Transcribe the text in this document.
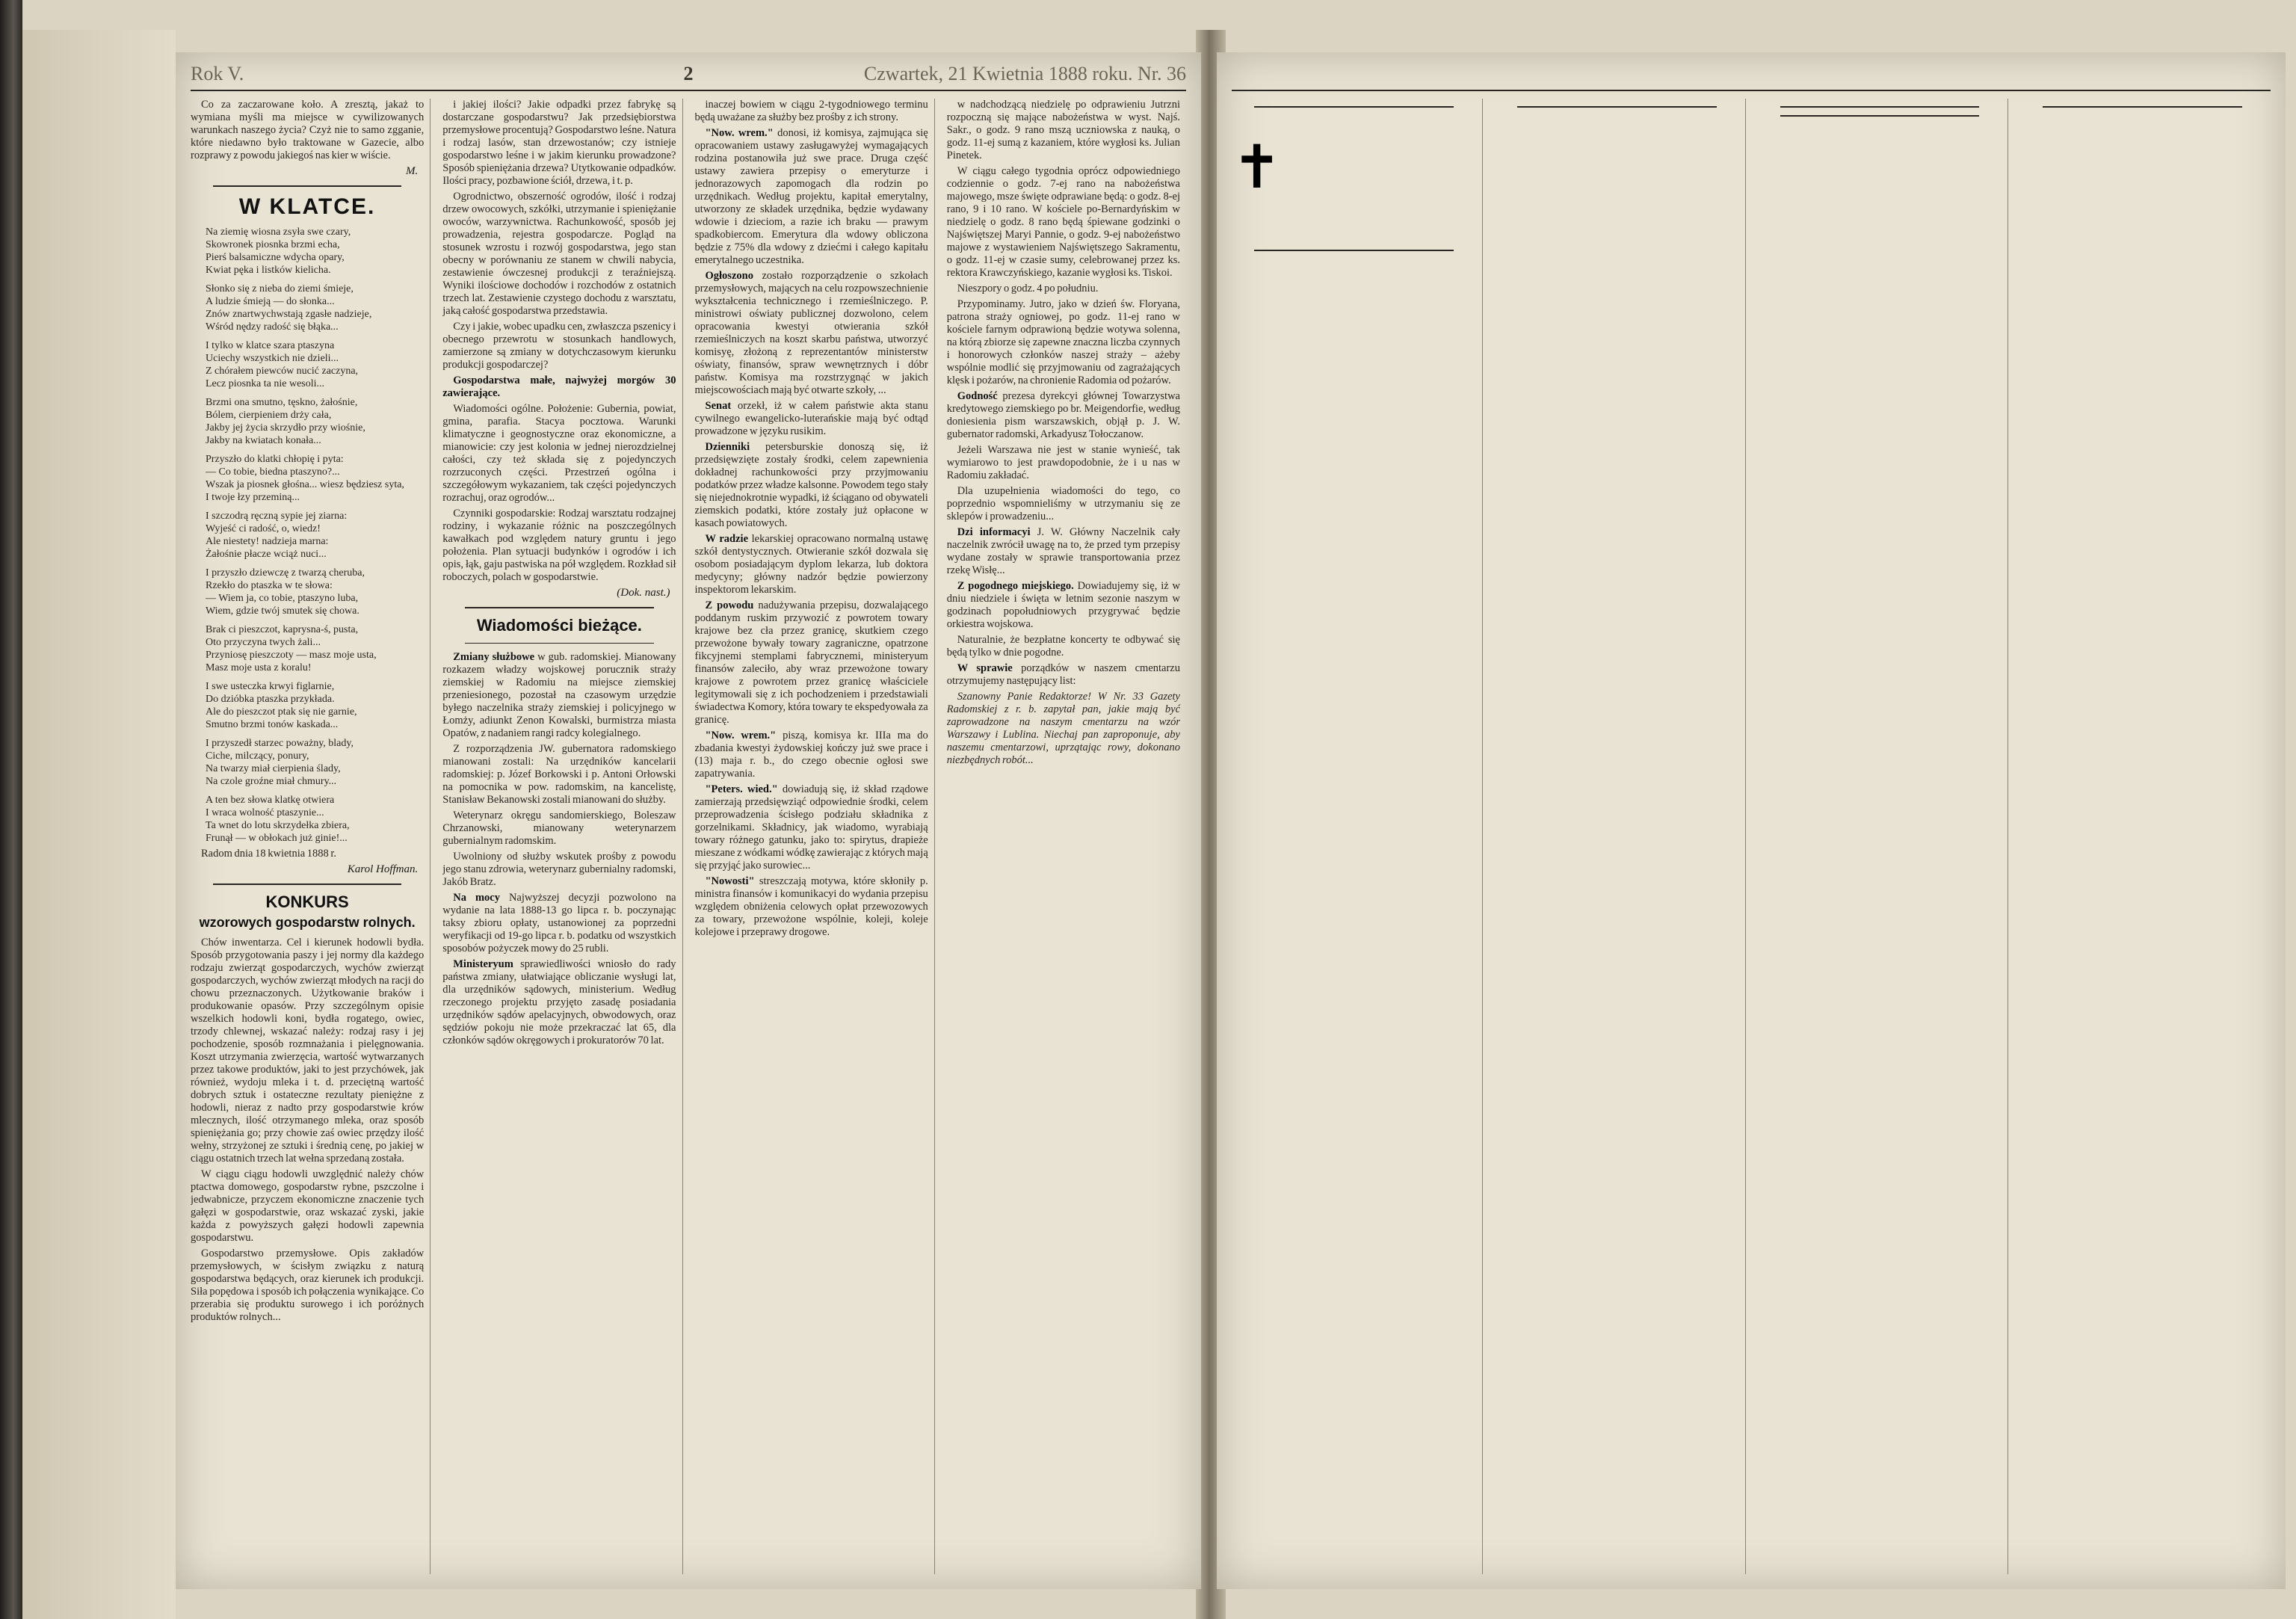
Rok V.	2	Czwartek, 21 Kwietnia 1888 roku. Nr. 36

Co za zaczarowane koło. A zresztą, jakaż to wymiana myśli ma miejsce w cywilizowanych warunkach naszego życia? Czyż nie to samo zgganie, które niedawno było traktowane w Gazecie, albo rozprawy z powodu jakiegoś nas kier w wiście.

M.
W KLATCE.
Na ziemię wiosna zsyła swe czary,
Skowronek piosnka brzmi echa,
Pierś balsamiczne wdycha opary,
Kwiat pęka i listków kielicha.
Słonko się z nieba do ziemi śmieje,
A ludzie śmieją — do słonka...
Znów znartwychwstają zgasłe nadzieje,
Wśród nędzy radość się błąka...
I tylko w klatce szara ptaszyna
Uciechy wszystkich nie dzieli...
Z chórałem piewców nucić zaczyna,
Lecz piosnka ta nie wesoli...
Brzmi ona smutno, tęskno, żałośnie,
Bólem, cierpieniem drży cała,
Jakby jej życia skrzydło przy wiośnie,
Jakby na kwiatach konała...
Przyszło do klatki chłopię i pyta:
— Co tobie, biedna ptaszyno?...
Wszak ja piosnek głośna... wiesz będziesz syta,
I twoje łzy przeminą...
I szczodrą ręczną sypie jej ziarna:
Wyjeść ci radość, o, wiedz!
Ale niestety! nadzieja marna:
Żałośnie płacze wciąż nuci...
I przyszło dziewczę z twarzą cheruba,
Rzekło do ptaszka w te słowa:
— Wiem ja, co tobie, ptaszyno luba,
Wiem, gdzie twój smutek się chowa.
Brak ci pieszczot, kaprysna-ś, pusta,
Oto przyczyna twych żali...
Przyniosę pieszczoty — masz moje usta,
Masz moje usta z koralu!
I swe usteczka krwyi figlarnie,
Do dzióbka ptaszka przykłada.
Ale do pieszczot ptak się nie garnie,
Smutno brzmi tonów kaskada...
I przyszedł starzec poważny, blady,
Ciche, milczący, ponury,
Na twarzy miał cierpienia ślady,
Na czole groźne miał chmury...
A ten bez słowa klatkę otwiera
I wraca wolność ptaszynie...
Ta wnet do lotu skrzydełka zbiera,
Frunął — w obłokach już ginie!...

Radom dnia 18 kwietnia 1888 r.

Karol Hoffman.
KONKURS
wzorowych gospodarstw rolnych.

Chów inwentarza. Cel i kierunek hodowli bydła. Sposób przygotowania paszy i jej normy dla każdego rodzaju zwierząt gospodarczych, wychów zwierząt gospodarczych, wychów zwierząt młodych na racji do chowu przeznaczonych. Użytkowanie braków i produkowanie opasów. Przy szczególnym opisie wszelkich hodowli koni, bydła rogatego, owiec, trzody chlewnej, wskazać należy: rodzaj rasy i jej pochodzenie, sposób rozmnażania i pielęgnowania. Koszt utrzymania zwierzęcia, wartość wytwarzanych przez takowe produktów, jaki to jest przychówek, jak również, wydoju mleka i t. d. przeciętną wartość dobrych sztuk i ostateczne rezultaty pieniężne z hodowli, nieraz z nadto przy gospodarstwie krów mlecznych, ilość otrzymanego mleka, oraz sposób spieniężania go; przy chowie zaś owiec przędzy ilość wełny, strzyżonej ze sztuki i średnią cenę, po jakiej w ciągu ostatnich trzech lat wełna sprzedaną została.

W ciągu ciągu hodowli uwzględnić należy chów ptactwa domowego, gospodarstw rybne, pszczolne i jedwabnicze, przyczem ekonomiczne znaczenie tych gałęzi w gospodarstwie, oraz wskazać zyski, jakie każda z powyższych gałęzi hodowli zapewnia gospodarstwu.

Gospodarstwo przemysłowe. Opis zakładów przemysłowych, w ścisłym związku z naturą gospodarstwa będących, oraz kierunek ich produkcji. Siła popędowa i sposób ich połączenia wynikające. Co przerabia się produktu surowego i ich poróżnych produktów rolnych...

i jakiej ilości? Jakie odpadki przez fabrykę są dostarczane gospodarstwu? Jak przedsiębiorstwa przemysłowe procentują? Gospodarstwo leśne. Natura i rodzaj lasów, stan drzewostanów; czy istnieje gospodarstwo leśne i w jakim kierunku prowadzone? Sposób spieniężania drzewa? Utytkowanie odpadków. Ilości pracy, pozbawione ściół, drzewa, i t. p.

Ogrodnictwo, obszerność ogrodów, ilość i rodzaj drzew owocowych, szkółki, utrzymanie i spieniężanie owoców, warzywnictwa. Rachunkowość, sposób jej prowadzenia, rejestra gospodarcze. Pogląd na stosunek wzrostu i rozwój gospodarstwa, jego stan obecny w porównaniu ze stanem w chwili nabycia, zestawienie ówczesnej produkcji z teraźniejszą. Wyniki ilościowe dochodów i rozchodów z ostatnich trzech lat. Zestawienie czystego dochodu z warsztatu, jaką całość gospodarstwa przedstawia.

Czy i jakie, wobec upadku cen, zwłaszcza pszenicy i obecnego przewrotu w stosunkach handlowych, zamierzone są zmiany w dotychczasowym kierunku produkcji gospodarczej?

Gospodarstwa małe, najwyżej morgów 30 zawierające.

Wiadomości ogólne. Położenie: Gubernia, powiat, gmina, parafia. Stacya pocztowa. Warunki klimatyczne i geognostyczne oraz ekonomiczne, a mianowicie: czy jest kolonia w jednej nierozdzielnej całości, czy też składa się z pojedynczych rozrzuconych części. Przestrzeń ogólna i szczegółowym wykazaniem, tak części pojedynczych rozrachuj, oraz ogrodów...

Czynniki gospodarskie: Rodzaj warsztatu rodzajnej rodziny, i wykazanie różnic na poszczególnych kawałkach pod względem natury gruntu i jego położenia. Plan sytuacji budynków i ogrodów i ich opis, łąk, gaju pastwiska na pół względem. Rozkład sił roboczych, polach w gospodarstwie.

(Dok. nast.)
Wiadomości bieżące.

Zmiany służbowe w gub. radomskiej. Mianowany rozkazem władzy wojskowej porucznik straży ziemskiej w Radomiu na miejsce ziemskiej przeniesionego, pozostał na czasowym urzędzie byłego naczelnika straży ziemskiej i policyjnego w Łomży, adiunkt Zenon Kowalski, burmistrza miasta Opatów, z nadaniem rangi radcy kolegialnego.

Z rozporządzenia JW. gubernatora radomskiego mianowani zostali: Na urzędników kancelarii radomskiej: p. Józef Borkowski i p. Antoni Orłowski na pomocnika w pow. radomskim, na kancelistę, Stanisław Bekanowski zostali mianowani do służby.

Weterynarz okręgu sandomierskiego, Boleszaw Chrzanowski, mianowany weterynarzem gubernialnym radomskim.

Uwolniony od służby wskutek prośby z powodu jego stanu zdrowia, weterynarz gubernialny radomski, Jakób Bratz.

Na mocy Najwyższej decyzji pozwolono na wydanie na lata 1888-13 go lipca r. b. poczynając taksy zbioru opłaty, ustanowionej za poprzedni weryfikacji od 19-go lipca r. b. podatku od wszystkich sposobów pożyczek mowy do 25 rubli.

Ministeryum sprawiedliwości wniosło do rady państwa zmiany, ułatwiające obliczanie wysługi lat, dla urzędników sądowych, ministerium. Według rzeczonego projektu przyjęto zasadę posiadania urzędników sądów apelacyjnych, obwodowych, oraz sędziów pokoju nie może przekraczać lat 65, dla członków sądów okręgowych i prokuratorów 70 lat.

inaczej bowiem w ciągu 2-tygodniowego terminu będą uważane za służby bez prośby z ich strony.

"Now. wrem." donosi, iż komisya, zajmująca się opracowaniem ustawy zasługawyżej wymagających rodzina postanowiła już swe prace. Druga część ustawy zawiera przepisy o emeryturze i jednorazowych zapomogach dla rodzin po urzędnikach. Według projektu, kapitał emerytalny, utworzony ze składek urzędnika, będzie wydawany wdowie i dzieciom, a razie ich braku — prawym spadkobiercom. Emerytura dla wdowy obliczona będzie z 75% dla wdowy z dziećmi i całego kapitału emerytalnego uczestnika.

Ogłoszono zostało rozporządzenie o szkołach przemysłowych, mających na celu rozpowszechnienie wykształcenia technicznego i rzemieślniczego. P. ministrowi oświaty publicznej dozwolono, celem opracowania kwestyi otwierania szkół rzemieślniczych na koszt skarbu państwa, utworzyć komisyę, złożoną z reprezentantów ministerstw oświaty, finansów, spraw wewnętrznych i dóbr państw. Komisya ma rozstrzygnąć w jakich miejscowościach mają być otwarte szkoły, ...

Senat orzekł, iż w całem państwie akta stanu cywilnego ewangelicko-luterańskie mają być odtąd prowadzone w języku rusikim.

Dzienniki petersburskie donoszą się, iż przedsięwzięte zostały środki, celem zapewnienia dokładnej rachunkowości przy przyjmowaniu podatków przez władze kalsonne. Powodem tego stały się niejednokrotnie wypadki, iż ściągano od obywateli ziemskich podatki, które zostały już opłacone w kasach powiatowych.

W radzie lekarskiej opracowano normalną ustawę szkół dentystycznych. Otwieranie szkół dozwala się osobom posiadającym dyplom lekarza, lub doktora medycyny; główny nadzór będzie powierzony inspektorom lekarskim.

Z powodu nadużywania przepisu, dozwalającego poddanym ruskim przywozić z powrotem towary krajowe bez cła przez granicę, skutkiem czego przewożone bywały towary zagraniczne, opatrzone fikcyjnemi stemplami fabrycznemi, ministeryum finansów zaleciło, aby wraz przewożone towary krajowe z powrotem przez granicę właściciele legitymowali się z ich pochodzeniem i przedstawiali świadectwa Komory, która towary te ekspedyowała za granicę.

"Now. wrem." piszą, komisya kr. IIIa ma do zbadania kwestyi żydowskiej kończy już swe prace i (13) maja r. b., do czego obecnie ogłosi swe zapatrywania.

"Peters. wied." dowiadują się, iż skład rządowe zamierzają przedsięwziąć odpowiednie środki, celem przeprowadzenia ścisłego podziału składnika z gorzelnikami. Składnicy, jak wiadomo, wyrabiają towary różnego gatunku, jako to: spirytus, drapieże mieszane z wódkami wódkę zawierając z których mają się przyjąć jako surowiec...

"Nowosti" streszczają motywa, które skłoniły p. ministra finansów i komunikacyi do wydania przepisu względem obniżenia celowych opłat przewozowych za towary, przewożone wspólnie, koleji, koleje kolejowe i przeprawy drogowe.

w nadchodzącą niedzielę po odprawieniu Jutrzni rozpoczną się mające nabożeństwa w wyst. Najś. Sakr., o godz. 9 rano mszą uczniowska z nauką, o godz. 11-ej sumą z kazaniem, które wygłosi ks. Julian Pinetek.

W ciągu całego tygodnia oprócz odpowiedniego codziennie o godz. 7-ej rano na nabożeństwa majowego, msze święte odprawiane będą: o godz. 8-ej rano, 9 i 10 rano. W kościele po-Bernardyńskim w niedzielę o godz. 8 rano będą śpiewane godzinki o Najświętszej Maryi Pannie, o godz. 9-ej nabożeństwo majowe z wystawieniem Najświętszego Sakramentu, o godz. 11-ej w czasie sumy, celebrowanej przez ks. rektora Krawczyńskiego, kazanie wygłosi ks. Tiskoi.

Nieszpory o godz. 4 po południu.

Przypominamy. Jutro, jako w dzień św. Floryana, patrona straży ogniowej, po godz. 11-ej rano w kościele farnym odprawioną będzie wotywa solenna, na którą zbiorze się zapewne znaczna liczba czynnych i honorowych członków naszej straży – ażeby wspólnie modlić się przyjmowaniu od zagrażających klęsk i pożarów, na chronienie Radomia od pożarów.

Godność prezesa dyrekcyi głównej Towarzystwa kredytowego ziemskiego po br. Meigendorfie, według doniesienia pism warszawskich, objął p. J. W. gubernator radomski, Arkadyusz Tołoczanow.

Jeżeli Warszawa nie jest w stanie wynieść, tak wymiarowo to jest prawdopodobnie, że i u nas w Radomiu zakładać.

Dla uzupełnienia wiadomości do tego, co poprzednio wspomnieliśmy w utrzymaniu się ze sklepów i prowadzeniu...

Dzi informacyi J. W. Główny Naczelnik cały naczelnik zwrócił uwagę na to, że przed tym przepisy wydane zostały w sprawie transportowania przez rzekę Wisłę...

Z pogodnego miejskiego. Dowiadujemy się, iż w dniu niedziele i święta w letnim sezonie naszym w godzinach popołudniowych przygrywać będzie orkiestra wojskowa.

Naturalnie, że bezpłatne koncerty te odbywać się będą tylko w dnie pogodne.

W sprawie porządków w naszem cmentarzu otrzymujemy następujący list:

Szanowny Panie Redaktorze! W Nr. 33 Gazety Radomskiej z r. b. zapytał pan, jakie mają być zaprowadzone na naszym cmentarzu na wzór Warszawy i Lublina. Niechaj pan zaproponuje, aby naszemu cmentarzowi, uprzątając rowy, dokonano niezbędnych robót...

✝
